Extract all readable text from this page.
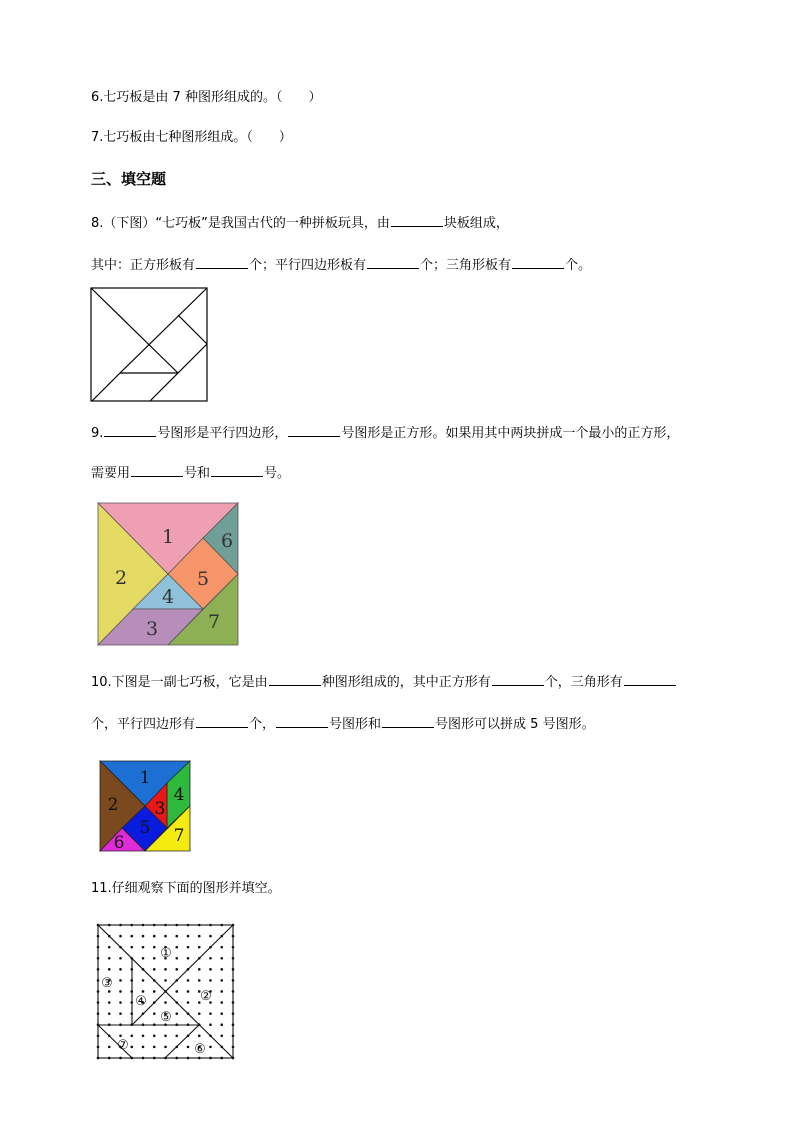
6.七巧板是由 7 种图形组成的。（　　）
7.七巧板由七种图形组成。（　　）
三、填空题
8.（下图）“七巧板”是我国古代的一种拼板玩具，由	块板组成，
其中：正方形板有	个；平行四边形板有	个；三角形板有	个。
9.	号图形是平行四边形，	号图形是正方形。如果用其中两块拼成一个最小的正方形，
需要用	号和	号。
1
2
3
4
5
6
7
10.下图是一副七巧板，它是由	种图形组成的，其中正方形有	个，三角形有
个，平行四边形有	个，	号图形和	号图形可以拼成 5 号图形。
1
2 3
4
5
6	7
11.仔细观察下面的图形并填空。
①
②
③
④
⑤
⑥
⑦
